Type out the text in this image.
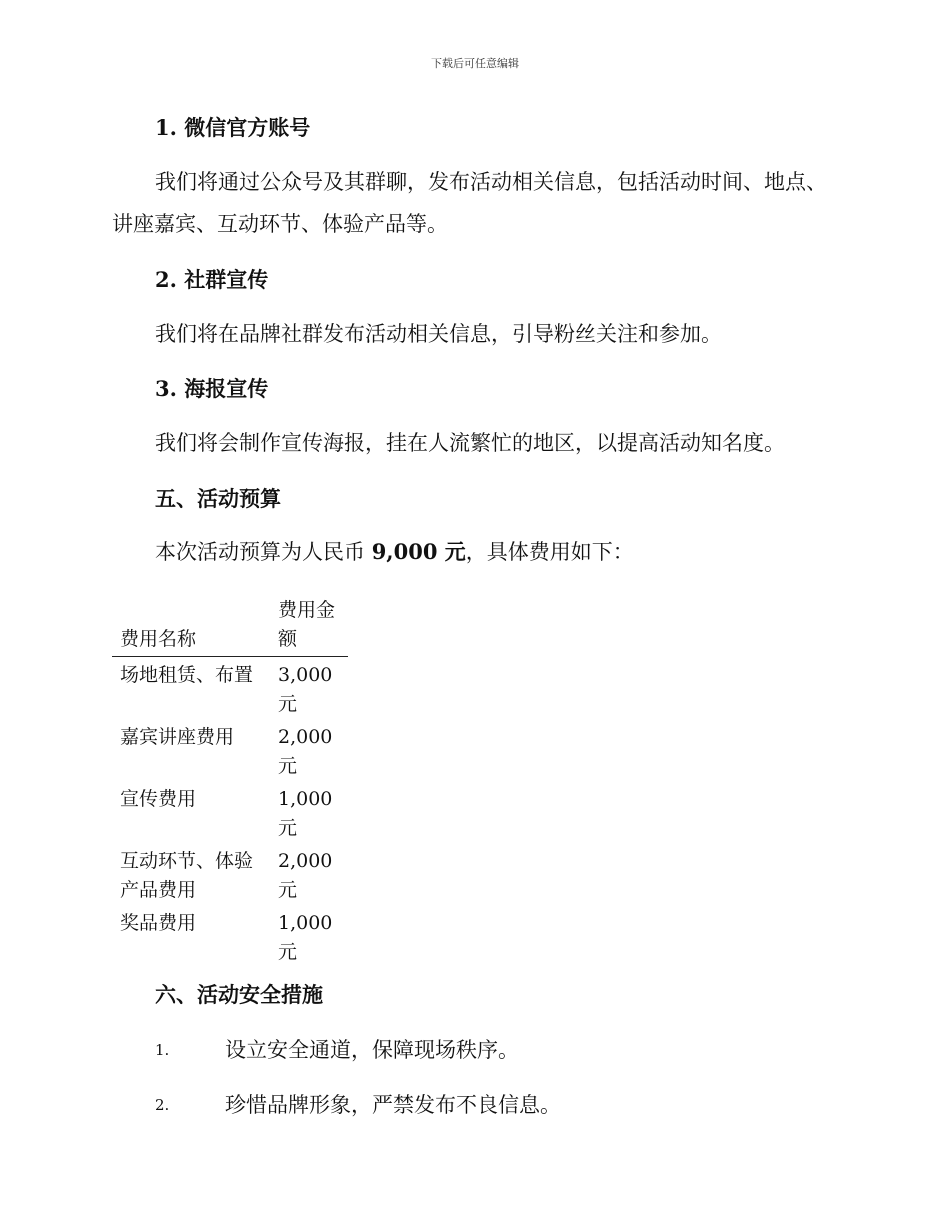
下载后可任意编辑
1. 微信官方账号
我们将通过公众号及其群聊，发布活动相关信息，包括活动时间、地点、讲座嘉宾、互动环节、体验产品等。
2. 社群宣传
我们将在品牌社群发布活动相关信息，引导粉丝关注和参加。
3. 海报宣传
我们将会制作宣传海报，挂在人流繁忙的地区，以提高活动知名度。
五、活动预算
本次活动预算为人民币 9,000 元，具体费用如下：
费用名称	费用金额
场地租赁、布置	3,000 元
嘉宾讲座费用	2,000 元
宣传费用	1,000 元
互动环节、体验产品费用	2,000 元
奖品费用	1,000 元
六、活动安全措施
1.	设立安全通道，保障现场秩序。
2.	珍惜品牌形象，严禁发布不良信息。
